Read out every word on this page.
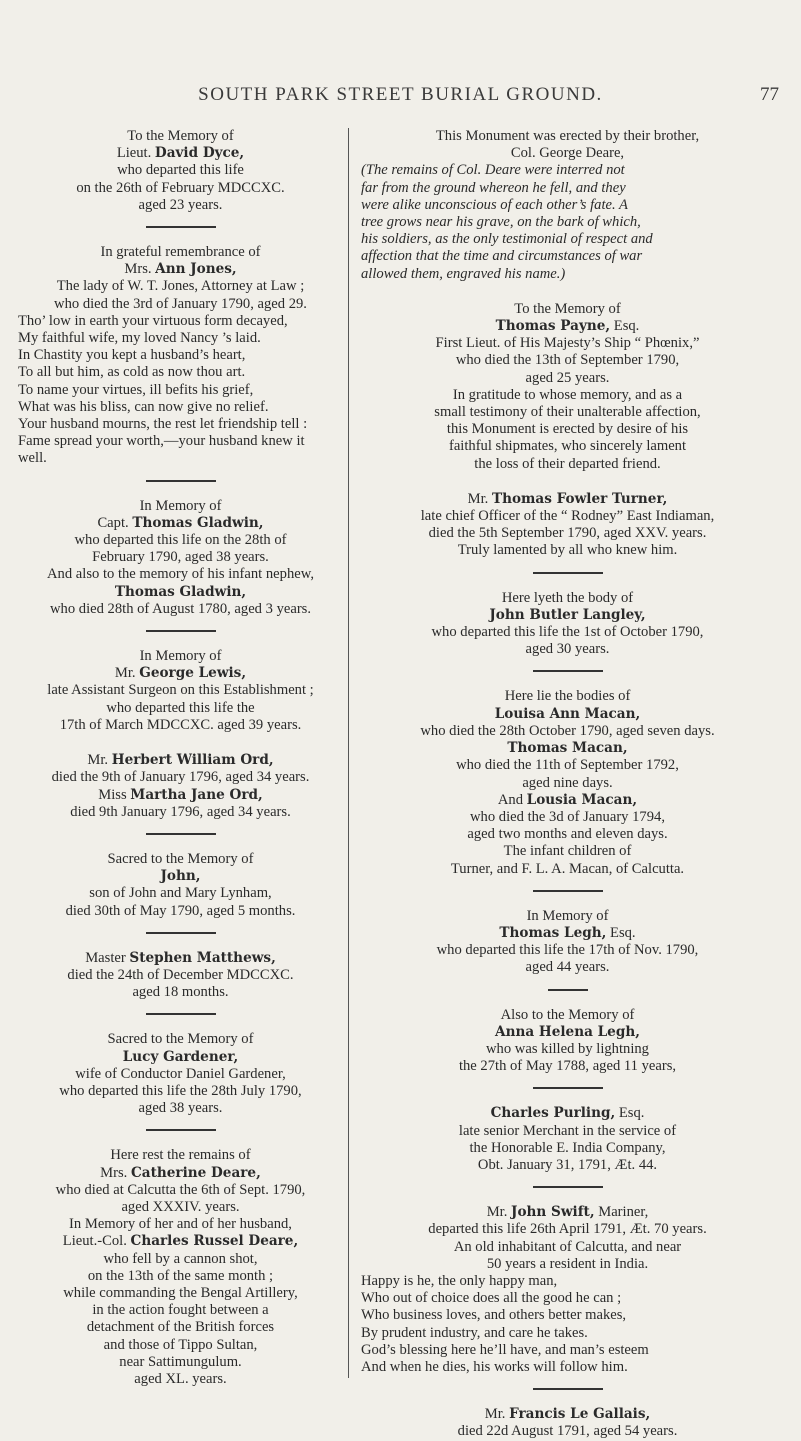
SOUTH PARK STREET BURIAL GROUND.	77
To the Memory of
Lieut. David Dyce,
who departed this life
on the 26th of February MDCCXC.
aged 23 years.
In grateful remembrance of
Mrs. Ann Jones,
The lady of W. T. Jones, Attorney at Law ;
who died the 3rd of January 1790, aged 29.
Tho’ low in earth your virtuous form decayed,
My faithful wife, my loved Nancy ’s laid.
In Chastity you kept a husband’s heart,
To all but him, as cold as now thou art.
To name your virtues, ill befits his grief,
What was his bliss, can now give no relief.
Your husband mourns, the rest let friendship tell :
Fame spread your worth,—your husband knew it
well.
In Memory of
Capt. Thomas Gladwin,
who departed this life on the 28th of
February 1790, aged 38 years.
And also to the memory of his infant nephew,
Thomas Gladwin,
who died 28th of August 1780, aged 3 years.
In Memory of
Mr. George Lewis,
late Assistant Surgeon on this Establishment ;
who departed this life the
17th of March MDCCXC. aged 39 years.
Mr. Herbert William Ord,
died the 9th of January 1796, aged 34 years.
Miss Martha Jane Ord,
died 9th January 1796, aged 34 years.
Sacred to the Memory of
John,
son of John and Mary Lynham,
died 30th of May 1790, aged 5 months.
Master Stephen Matthews,
died the 24th of December MDCCXC.
aged 18 months.
Sacred to the Memory of
Lucy Gardener,
wife of Conductor Daniel Gardener,
who departed this life the 28th July 1790,
aged 38 years.
Here rest the remains of
Mrs. Catherine Deare,
who died at Calcutta the 6th of Sept. 1790,
aged XXXIV. years.
In Memory of her and of her husband,
Lieut.-Col. Charles Russel Deare,
who fell by a cannon shot,
on the 13th of the same month ;
while commanding the Bengal Artillery,
in the action fought between a
detachment of the British forces
and those of Tippo Sultan,
near Sattimungulum.
aged XL. years.
This Monument was erected by their brother,
Col. George Deare,
(The remains of Col. Deare were interred not
far from the ground whereon he fell, and they
were alike unconscious of each other’s fate. A
tree grows near his grave, on the bark of which,
his soldiers, as the only testimonial of respect and
affection that the time and circumstances of war
allowed them, engraved his name.)
To the Memory of
Thomas Payne, Esq.
First Lieut. of His Majesty’s Ship “ Phœnix,”
who died the 13th of September 1790,
aged 25 years.
In gratitude to whose memory, and as a
small testimony of their unalterable affection,
this Monument is erected by desire of his
faithful shipmates, who sincerely lament
the loss of their departed friend.
Mr. Thomas Fowler Turner,
late chief Officer of the “ Rodney” East Indiaman,
died the 5th September 1790, aged XXV. years.
Truly lamented by all who knew him.
Here lyeth the body of
John Butler Langley,
who departed this life the 1st of October 1790,
aged 30 years.
Here lie the bodies of
Louisa Ann Macan,
who died the 28th October 1790, aged seven days.
Thomas Macan,
who died the 11th of September 1792,
aged nine days.
And Lousia Macan,
who died the 3d of January 1794,
aged two months and eleven days.
The infant children of
Turner, and F. L. A. Macan, of Calcutta.
In Memory of
Thomas Legh, Esq.
who departed this life the 17th of Nov. 1790,
aged 44 years.
Also to the Memory of
Anna Helena Legh,
who was killed by lightning
the 27th of May 1788, aged 11 years,
Charles Purling, Esq.
late senior Merchant in the service of
the Honorable E. India Company,
Obt. January 31, 1791, Æt. 44.
Mr. John Swift, Mariner,
departed this life 26th April 1791, Æt. 70 years.
An old inhabitant of Calcutta, and near
50 years a resident in India.
Happy is he, the only happy man,
Who out of choice does all the good he can ;
Who business loves, and others better makes,
By prudent industry, and care he takes.
God’s blessing here he’ll have, and man’s esteem
And when he dies, his works will follow him.
Mr. Francis Le Gallais,
died 22d August 1791, aged 54 years.
